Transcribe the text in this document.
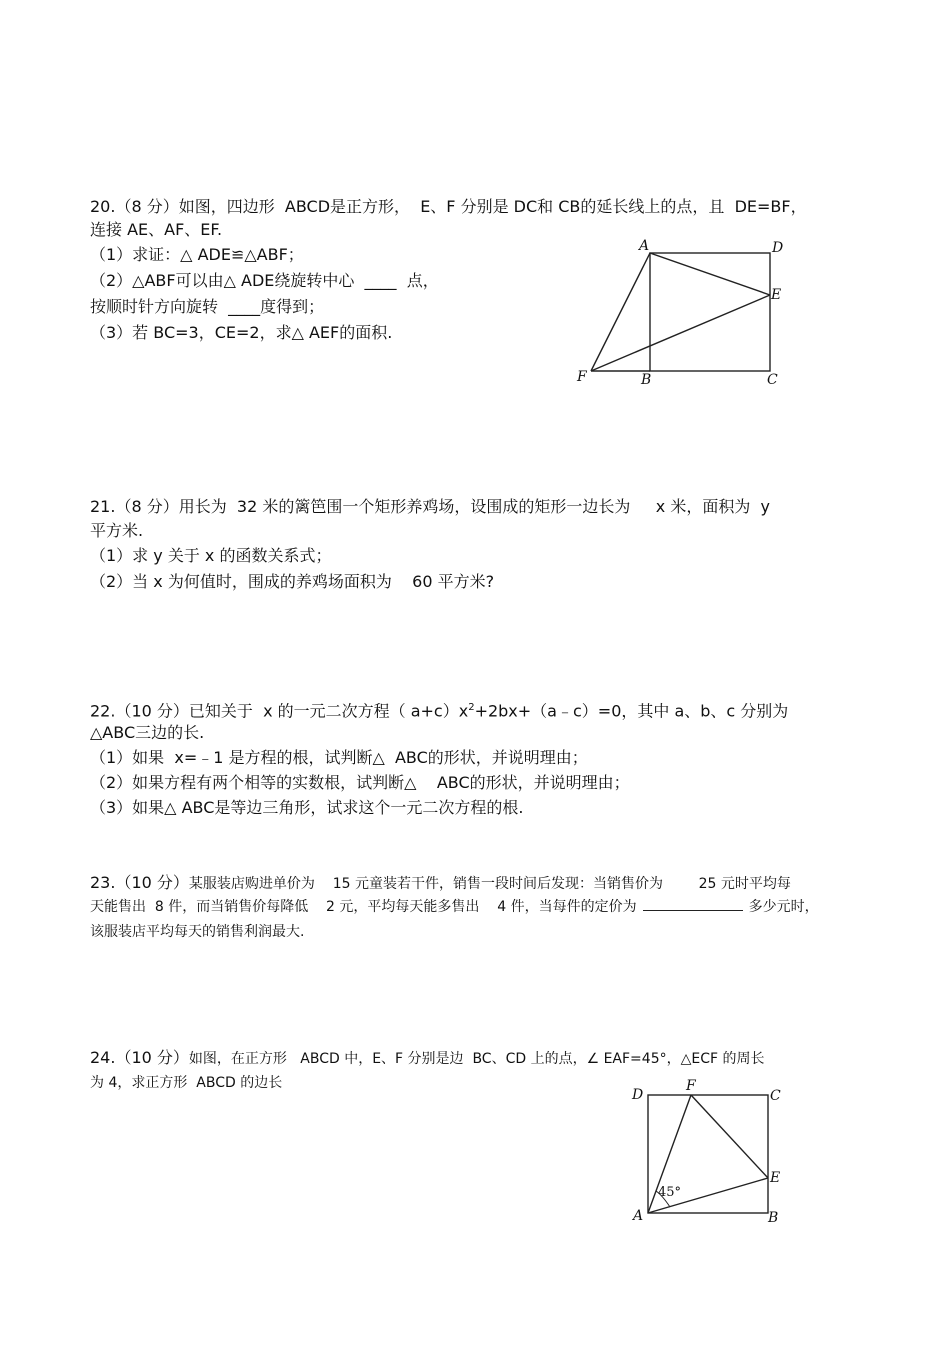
20.（8 分）如图，四边形  ABCD是正方形，  E、F 分别是 DC和 CB的延长线上的点，且  DE=BF，
连接 AE、AF、EF.
（1）求证：△ ADE≌△ABF；
（2）△ABF可以由△ ADE绕旋转中心  ____  点，
按顺时针方向旋转  ____度得到；
（3）若 BC=3，CE=2，求△ AEF的面积.
A	D
E
F	B	C
21.（8 分）用长为  32 米的篱笆围一个矩形养鸡场，设围成的矩形一边长为     x 米，面积为  y
平方米.
（1）求 y 关于 x 的函数关系式；
（2）当 x 为何值时，围成的养鸡场面积为    60 平方米?
22.（10 分）已知关于  x 的一元二次方程（ $a+c)x^2+2bx+(a﹣c)=0$，其中 a、b、c 分别为
△ABC三边的长.
（1）如果  x=﹣1 是方程的根，试判断△  ABC的形状，并说明理由；
（2）如果方程有两个相等的实数根，试判断△    ABC的形状，并说明理由；
（3）如果△ ABC是等边三角形，试求这个一元二次方程的根.
23.（10 分）某服装店购进单价为    15 元童装若干件，销售一段时间后发现：当销售价为        25 元时平均每
天能售出  8 件，而当销售价每降低    2 元，平均每天能多售出    4 件，当每件的定价为	多少元时，
该服装店平均每天的销售利润最大.
24.（10 分）如图，在正方形   ABCD 中，E、F 分别是边  BC、CD 上的点，∠ EAF=45°，△ECF 的周长
为 4，求正方形  ABCD 的边长
45°
D
F
C
E
A	B
